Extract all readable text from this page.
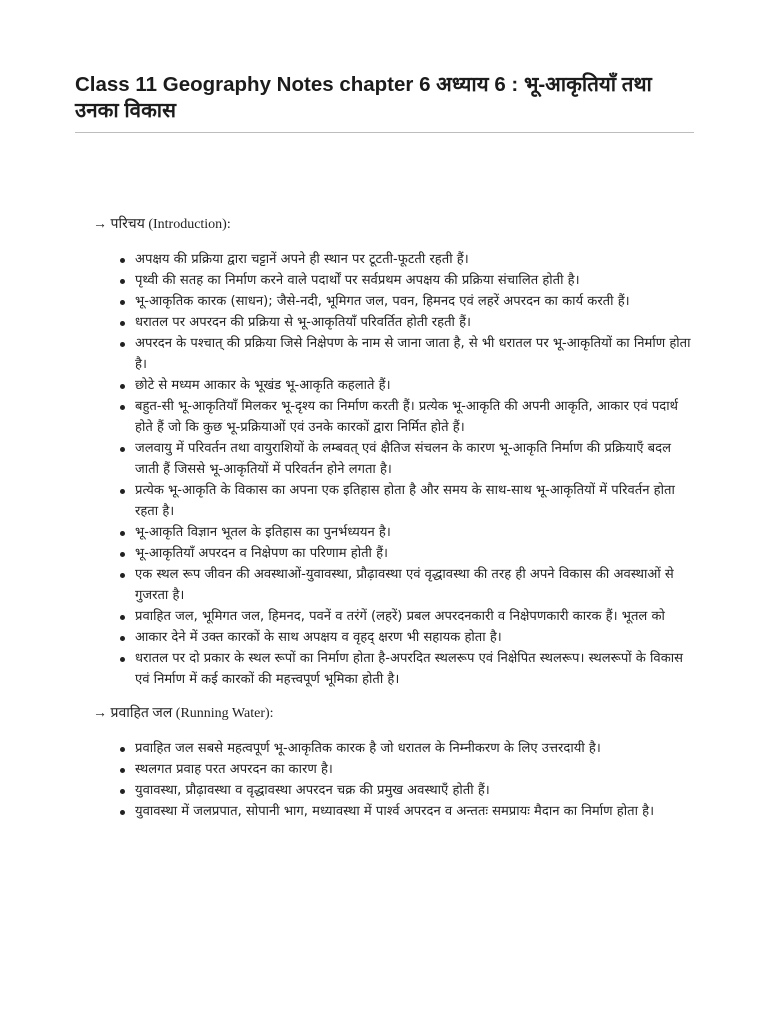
Class 11 Geography Notes chapter 6 अध्याय 6 : भू-आकृतियाँ तथा उनका विकास

→ परिचय (Introduction):

अपक्षय की प्रक्रिया द्वारा चट्टानें अपने ही स्थान पर टूटती-फूटती रहती हैं।
पृथ्वी की सतह का निर्माण करने वाले पदार्थों पर सर्वप्रथम अपक्षय की प्रक्रिया संचालित होती है।
भू-आकृतिक कारक (साधन); जैसे-नदी, भूमिगत जल, पवन, हिमनद एवं लहरें अपरदन का कार्य करती हैं।
धरातल पर अपरदन की प्रक्रिया से भू-आकृतियाँ परिवर्तित होती रहती हैं।
अपरदन के पश्चात् की प्रक्रिया जिसे निक्षेपण के नाम से जाना जाता है, से भी धरातल पर भू-आकृतियों का निर्माण होता है।
छोटे से मध्यम आकार के भूखंड भू-आकृति कहलाते हैं।
बहुत-सी भू-आकृतियाँ मिलकर भू-दृश्य का निर्माण करती हैं। प्रत्येक भू-आकृति की अपनी आकृति, आकार एवं पदार्थ होते हैं जो कि कुछ भू-प्रक्रियाओं एवं उनके कारकों द्वारा निर्मित होते हैं।
जलवायु में परिवर्तन तथा वायुराशियों के लम्बवत् एवं क्षैतिज संचलन के कारण भू-आकृति निर्माण की प्रक्रियाएँ बदल जाती हैं जिससे भू-आकृतियों में परिवर्तन होने लगता है।
प्रत्येक भू-आकृति के विकास का अपना एक इतिहास होता है और समय के साथ-साथ भू-आकृतियों में परिवर्तन होता रहता है।
भू-आकृति विज्ञान भूतल के इतिहास का पुनर्भध्ययन है।
भू-आकृतियाँ अपरदन व निक्षेपण का परिणाम होती हैं।
एक स्थल रूप जीवन की अवस्थाओं-युवावस्था, प्रौढ़ावस्था एवं वृद्धावस्था की तरह ही अपने विकास की अवस्थाओं से गुजरता है।
प्रवाहित जल, भूमिगत जल, हिमनद, पवनें व तरंगें (लहरें) प्रबल अपरदनकारी व निक्षेपणकारी कारक हैं। भूतल को
आकार देने में उक्त कारकों के साथ अपक्षय व वृहद् क्षरण भी सहायक होता है।
धरातल पर दो प्रकार के स्थल रूपों का निर्माण होता है-अपरदित स्थलरूप एवं निक्षेपित स्थलरूप। स्थलरूपों के विकास एवं निर्माण में कई कारकों की महत्त्वपूर्ण भूमिका होती है।

→ प्रवाहित जल (Running Water):

प्रवाहित जल सबसे महत्वपूर्ण भू-आकृतिक कारक है जो धरातल के निम्नीकरण के लिए उत्तरदायी है।
स्थलगत प्रवाह परत अपरदन का कारण है।
युवावस्था, प्रौढ़ावस्था व वृद्धावस्था अपरदन चक्र की प्रमुख अवस्थाएँ होती हैं।
युवावस्था में जलप्रपात, सोपानी भाग, मध्यावस्था में पार्श्व अपरदन व अन्ततः समप्रायः मैदान का निर्माण होता है।
